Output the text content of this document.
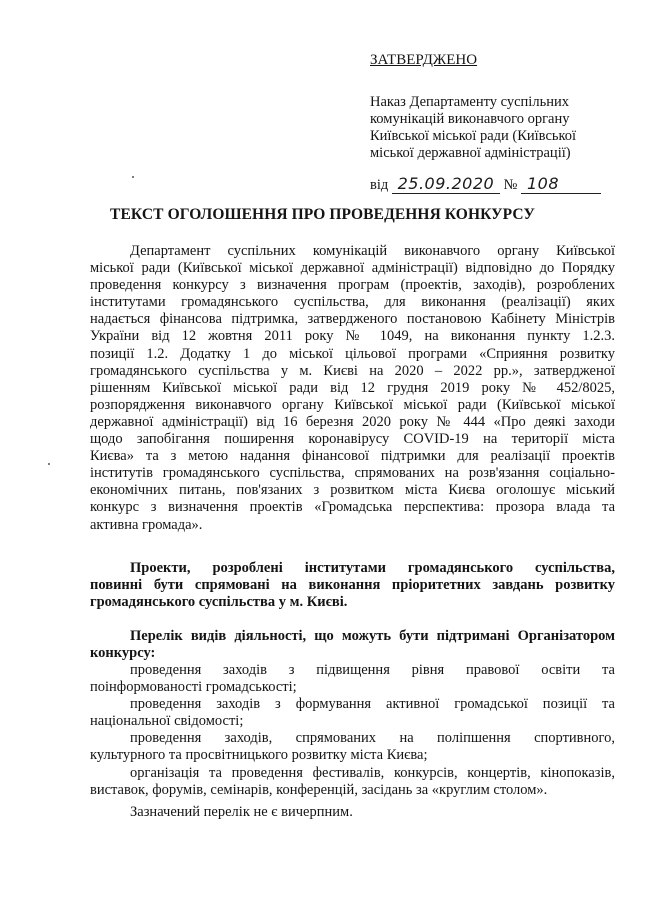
ЗАТВЕРДЖЕНО
Наказ Департаменту суспільних
комунікацій виконавчого органу
Київської міської ради (Київської
міської державної адміністрації)
від 25.09.2020 № 108
ТЕКСТ ОГОЛОШЕННЯ ПРО ПРОВЕДЕННЯ КОНКУРСУ
Департамент суспільних комунікацій виконавчого органу Київської
міської ради (Київської міської державної адміністрації) відповідно до Порядку
проведення конкурсу з визначення програм (проектів, заходів), розроблених
інститутами громадянського суспільства, для виконання (реалізації) яких
надається фінансова підтримка, затвердженого постановою Кабінету Міністрів
України від 12 жовтня 2011 року № 1049, на виконання пункту 1.2.3.
позиції 1.2. Додатку 1 до міської цільової програми «Сприяння розвитку
громадянського суспільства у м. Києві на 2020 – 2022 рр.», затвердженої
рішенням Київської міської ради від 12 грудня 2019 року № 452/8025,
розпорядження виконавчого органу Київської міської ради (Київської міської
державної адміністрації) від 16 березня 2020 року № 444 «Про деякі заходи
щодо запобігання поширення коронавірусу COVID-19 на території міста
Києва» та з метою надання фінансової підтримки для реалізації проектів
інститутів громадянського суспільства, спрямованих на розв'язання соціально-
економічних питань, пов'язаних з розвитком міста Києва оголошує міський
конкурс з визначення проектів «Громадська перспектива: прозора влада та
активна громада».
Проекти, розроблені інститутами громадянського суспільства,
повинні бути спрямовані на виконання пріоритетних завдань розвитку
громадянського суспільства у м. Києві.
Перелік видів діяльності, що можуть бути підтримані Організатором
конкурсу:
проведення заходів з підвищення рівня правової освіти та
поінформованості громадськості;
проведення заходів з формування активної громадської позиції та
національної свідомості;
проведення заходів, спрямованих на поліпшення спортивного,
культурного та просвітницького розвитку міста Києва;
організація та проведення фестивалів, конкурсів, концертів, кінопоказів,
виставок, форумів, семінарів, конференцій, засідань за «круглим столом».
Зазначений перелік не є вичерпним.
